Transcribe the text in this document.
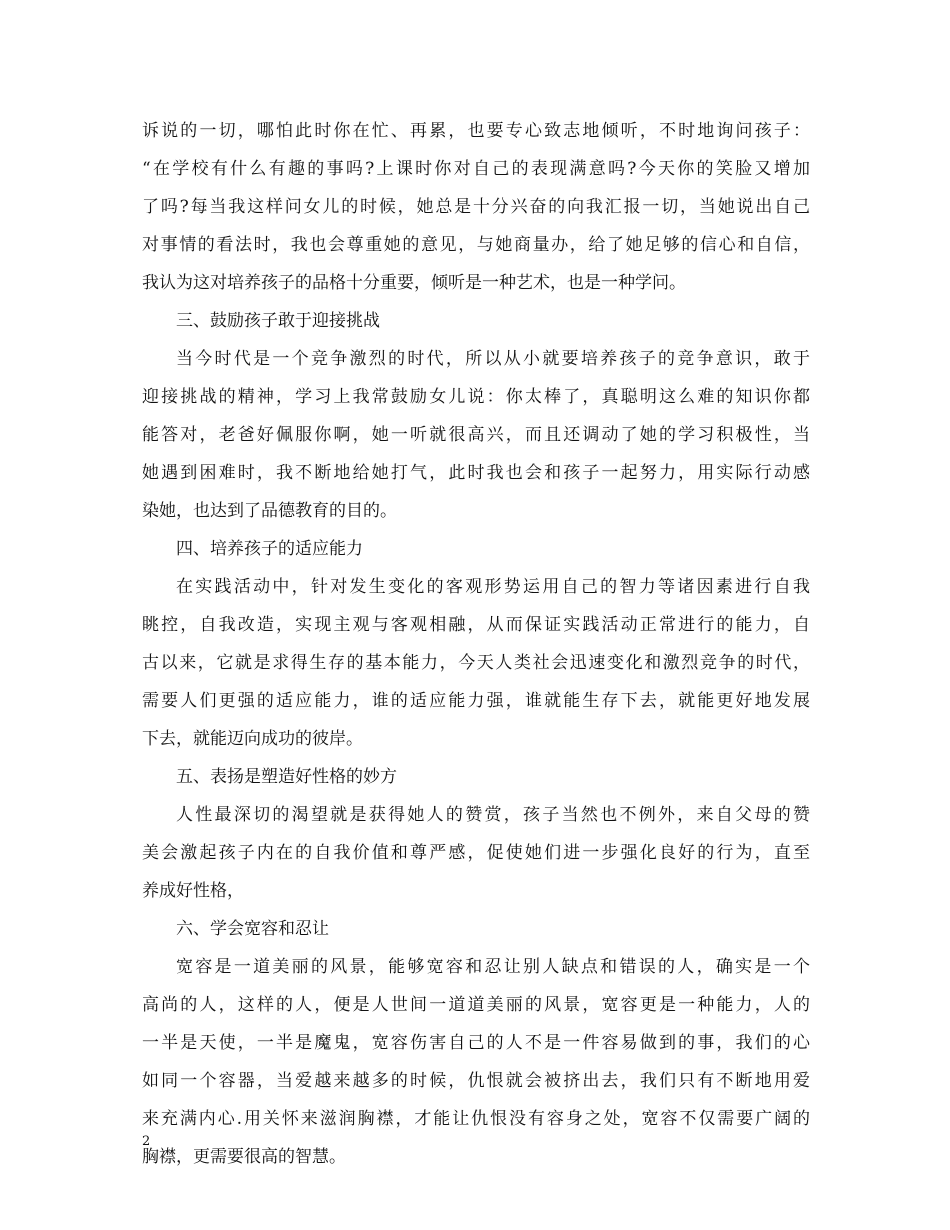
诉说的一切，哪怕此时你在忙、再累，也要专心致志地倾听，不时地询问孩子：
“在学校有什么有趣的事吗?上课时你对自己的表现满意吗?今天你的笑脸又增加
了吗?每当我这样问女儿的时候，她总是十分兴奋的向我汇报一切，当她说出自己
对事情的看法时，我也会尊重她的意见，与她商量办，给了她足够的信心和自信，
我认为这对培养孩子的品格十分重要，倾听是一种艺术，也是一种学问。
三、鼓励孩子敢于迎接挑战
当今时代是一个竞争激烈的时代，所以从小就要培养孩子的竞争意识，敢于
迎接挑战的精神，学习上我常鼓励女儿说：你太棒了，真聪明这么难的知识你都
能答对，老爸好佩服你啊，她一听就很高兴，而且还调动了她的学习积极性，当
她遇到困难时，我不断地给她打气，此时我也会和孩子一起努力，用实际行动感
染她，也达到了品德教育的目的。
四、培养孩子的适应能力
在实践活动中，针对发生变化的客观形势运用自己的智力等诸因素进行自我
眺控，自我改造，实现主观与客观相融，从而保证实践活动正常进行的能力，自
古以来，它就是求得生存的基本能力，今天人类社会迅速变化和激烈竞争的时代，
需要人们更强的适应能力，谁的适应能力强，谁就能生存下去，就能更好地发展
下去，就能迈向成功的彼岸。
五、表扬是塑造好性格的妙方
人性最深切的渴望就是获得她人的赞赏，孩子当然也不例外，来自父母的赞
美会激起孩子内在的自我价值和尊严感，促使她们进一步强化良好的行为，直至
养成好性格，
六、学会宽容和忍让
宽容是一道美丽的风景，能够宽容和忍让别人缺点和错误的人，确实是一个
高尚的人，这样的人，便是人世间一道道美丽的风景，宽容更是一种能力，人的
一半是天使，一半是魔鬼，宽容伤害自己的人不是一件容易做到的事，我们的心
如同一个容器，当爱越来越多的时候，仇恨就会被挤出去，我们只有不断地用爱
来充满内心.用关怀来滋润胸襟，才能让仇恨没有容身之处，宽容不仅需要广阔的
胸襟，更需要很高的智慧。
2
